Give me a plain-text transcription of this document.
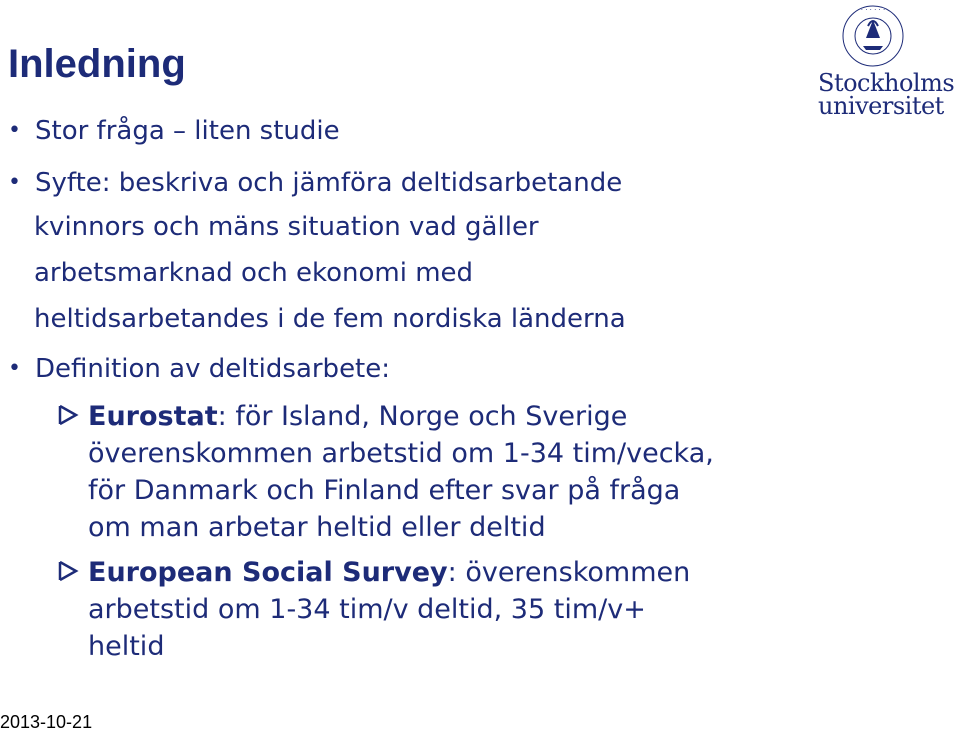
Inledning
· · · · · ·
Stockholms
universitet
• Stor fråga – liten studie
• Syfte: beskriva och jämföra deltidsarbetande
kvinnors och mäns situation vad gäller
arbetsmarknad och ekonomi med
heltidsarbetandes i de fem nordiska länderna
• Definition av deltidsarbete:
Eurostat: för Island, Norge och Sverige
överenskommen arbetstid om 1-34 tim/vecka,
för Danmark och Finland efter svar på fråga
om man arbetar heltid eller deltid
European Social Survey: överenskommen
arbetstid om 1-34 tim/v deltid, 35 tim/v+
heltid
2013-10-21
